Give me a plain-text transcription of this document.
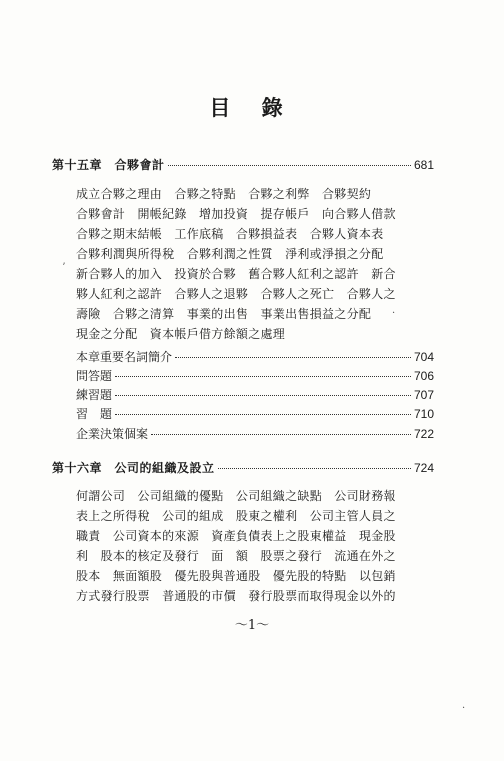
目 錄
第十五章　合夥會計	681
成立合夥之理由　合夥之特點　合夥之利弊　合夥契約
合夥會計　開帳紀錄　增加投資　提存帳戶　向合夥人借款
合夥之期末結帳　工作底稿　合夥損益表　合夥人資本表
合夥利潤與所得稅　合夥利潤之性質　淨利或淨損之分配
新合夥人的加入　投資於合夥　舊合夥人紅利之認許　新合
夥人紅利之認許　合夥人之退夥　合夥人之死亡　合夥人之
壽險　合夥之清算　事業的出售　事業出售損益之分配
現金之分配　資本帳戶借方餘額之處理
本章重要名詞簡介	704
問答題	706
練習題	707
習　題	710
企業決策個案	722
第十六章　公司的組織及設立	724
何謂公司　公司組織的優點　公司組織之缺點　公司財務報
表上之所得稅　公司的組成　股東之權利　公司主管人員之
職責　公司資本的來源　資產負債表上之股東權益　現金股
利　股本的核定及發行　面　額　股票之發行　流通在外之
股本　無面額股　優先股與普通股　優先股的特點　以包銷
方式發行股票　普通股的市價　發行股票而取得現金以外的
〜1〜
ʼ
·
·
